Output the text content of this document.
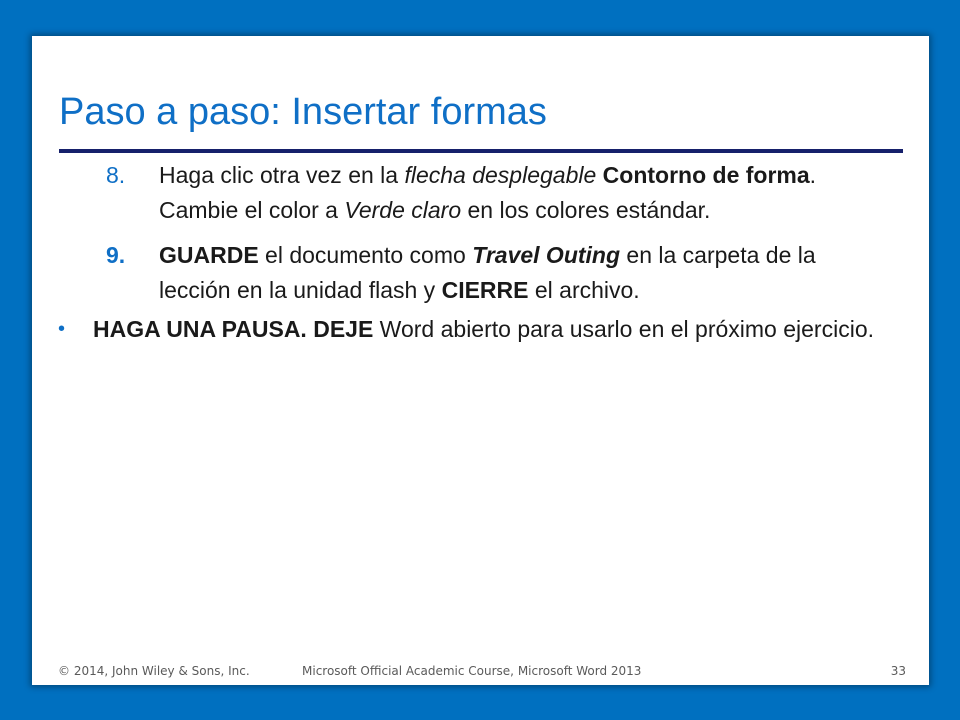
Paso a paso: Insertar formas

8. Haga clic otra vez en la flecha desplegable Contorno de forma. Cambie el color a Verde claro en los colores estándar.

9. GUARDE el documento como Travel Outing en la carpeta de la lección en la unidad flash y CIERRE el archivo.

• HAGA UNA PAUSA. DEJE Word abierto para usarlo en el próximo ejercicio.

© 2014, John Wiley & Sons, Inc.	Microsoft Official Academic Course, Microsoft Word 2013	33
